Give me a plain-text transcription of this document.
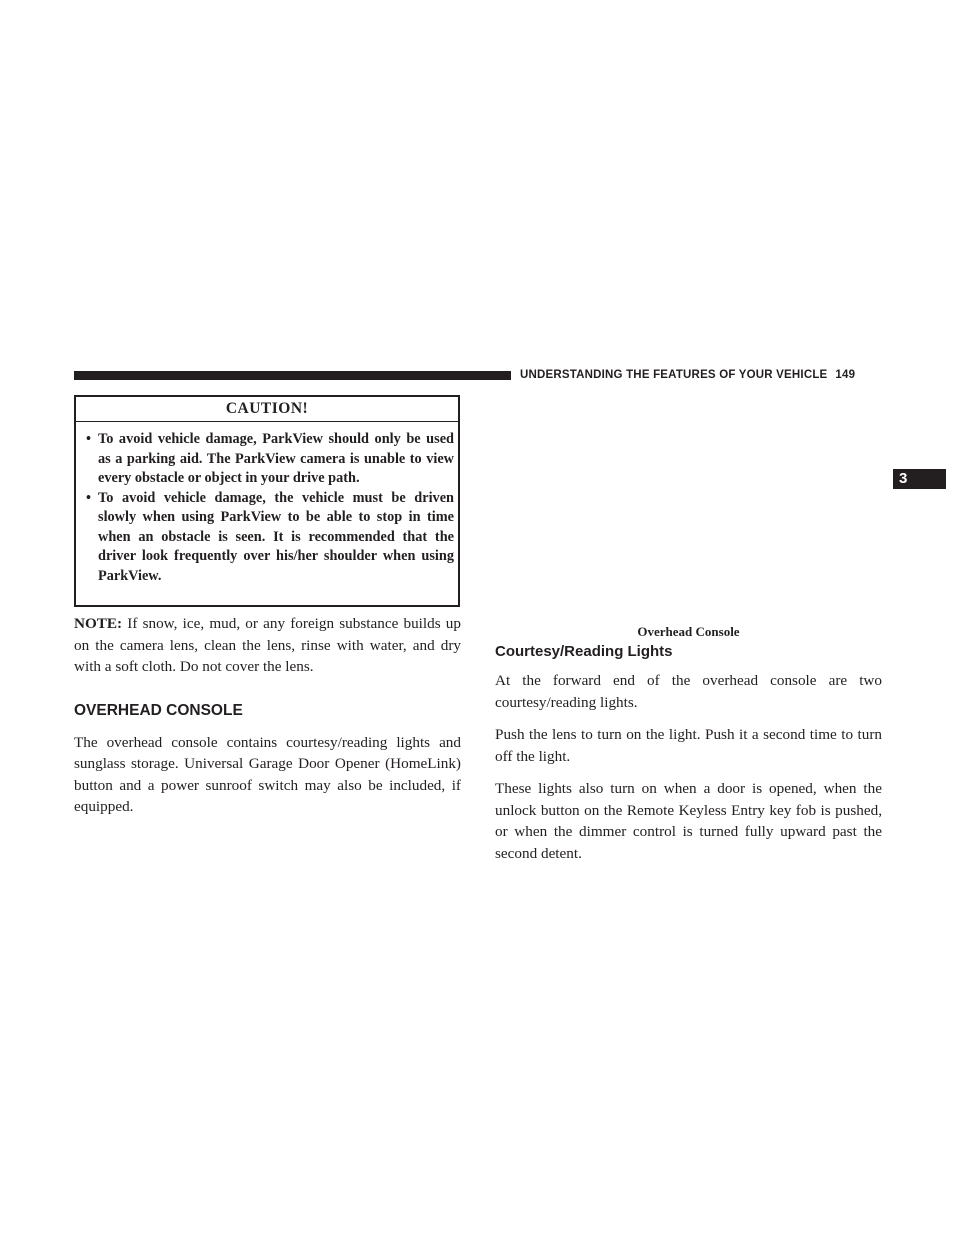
UNDERSTANDING THE FEATURES OF YOUR VEHICLE 149
3
CAUTION!
• To avoid vehicle damage, ParkView should only be used as a parking aid. The ParkView camera is unable to view every obstacle or object in your drive path.
• To avoid vehicle damage, the vehicle must be driven slowly when using ParkView to be able to stop in time when an obstacle is seen. It is recommended that the driver look frequently over his/her shoulder when using ParkView.

NOTE: If snow, ice, mud, or any foreign substance builds up on the camera lens, clean the lens, rinse with water, and dry with a soft cloth. Do not cover the lens.

OVERHEAD CONSOLE

The overhead console contains courtesy/reading lights and sunglass storage. Universal Garage Door Opener (HomeLink) button and a power sunroof switch may also be included, if equipped.

Overhead Console
Courtesy/Reading Lights

At the forward end of the overhead console are two courtesy/reading lights.

Push the lens to turn on the light. Push it a second time to turn off the light.

These lights also turn on when a door is opened, when the unlock button on the Remote Keyless Entry key fob is pushed, or when the dimmer control is turned fully upward past the second detent.
